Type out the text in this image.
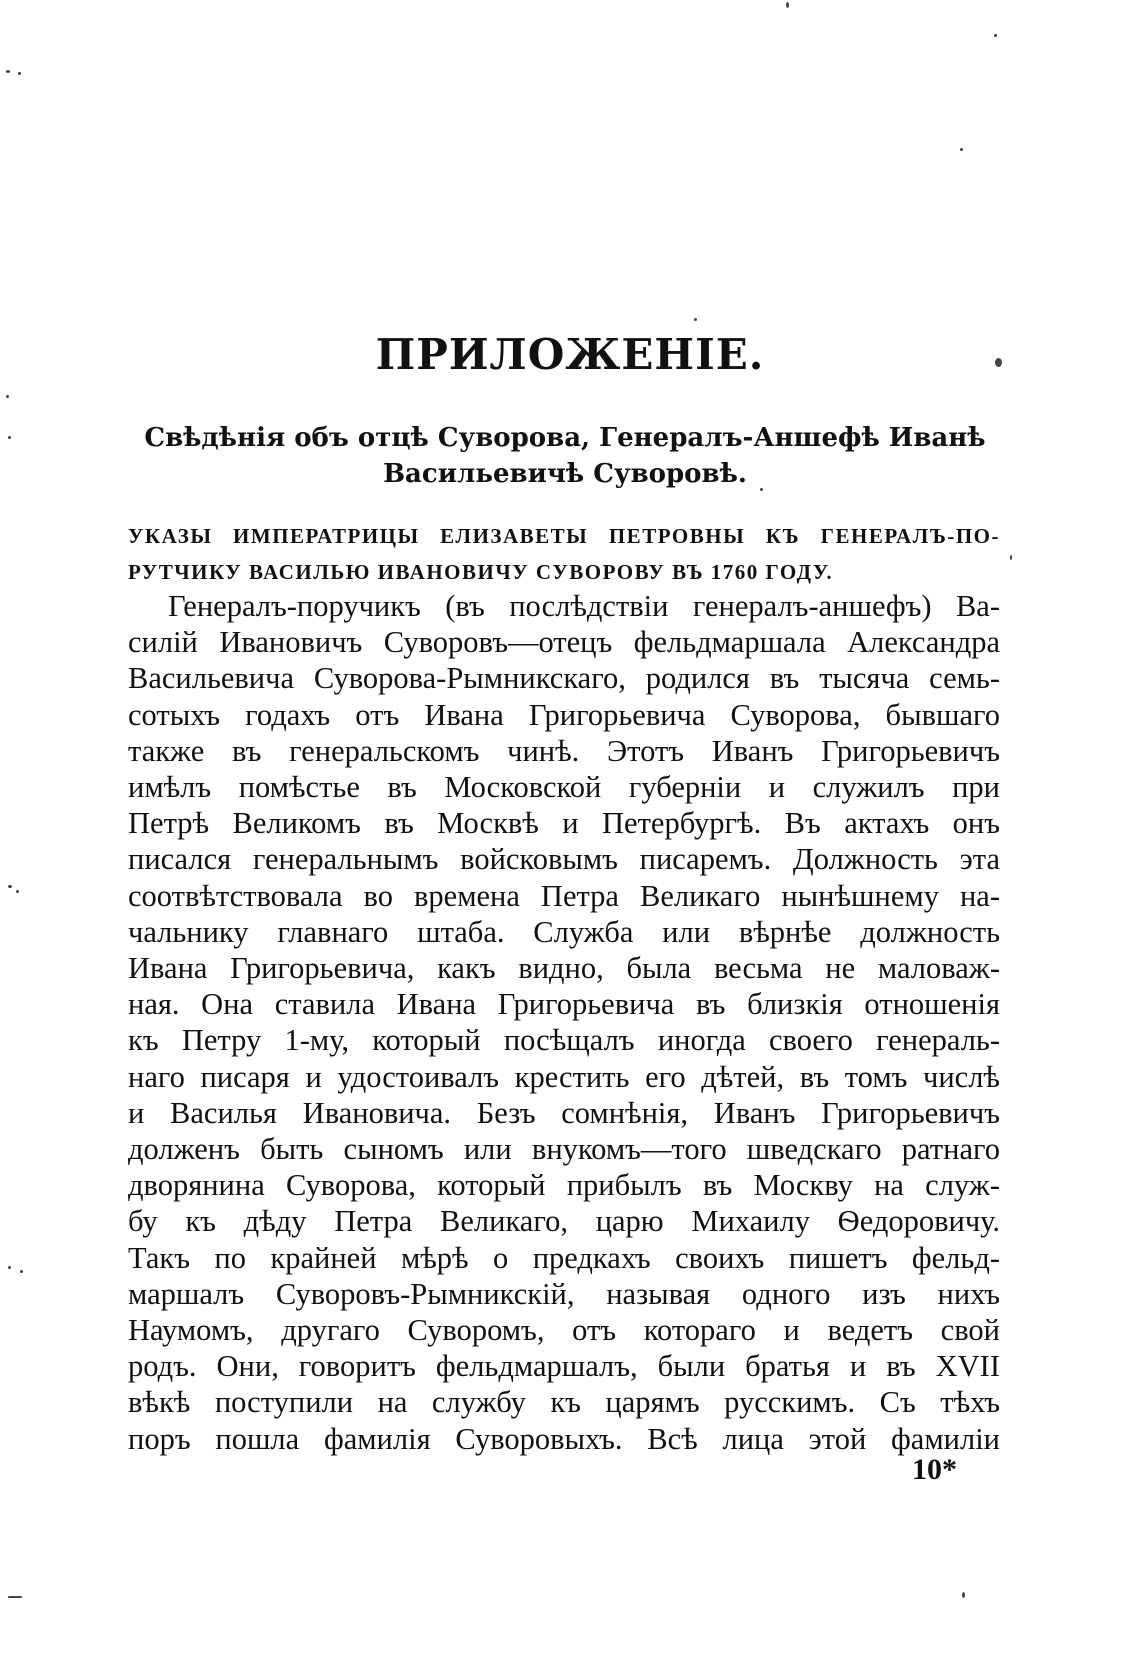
ПРИЛОЖЕНІЕ.
Свѣдѣнія объ отцѣ Суворова, Генералъ-Аншефѣ Иванѣ Васильевичѣ Суворовѣ.

УКАЗЫ ИМПЕРАТРИЦЫ ЕЛИЗАВЕТЫ ПЕТРОВНЫ КЪ ГЕНЕРАЛЪ-ПО-
РУТЧИКУ ВАСИЛЬЮ ИВАНОВИЧУ СУВОРОВУ ВЪ 1760 ГОДУ.

Генералъ-поручикъ (въ послѣдствіи генералъ-аншефъ) Ва-
силій Ивановичъ Суворовъ—отецъ фельдмаршала Александра
Васильевича Суворова-Рымникскаго, родился въ тысяча семь-
сотыхъ годахъ отъ Ивана Григорьевича Суворова, бывшаго
также въ генеральскомъ чинѣ. Этотъ Иванъ Григорьевичъ
имѣлъ помѣстье въ Московской губерніи и служилъ при
Петрѣ Великомъ въ Москвѣ и Петербургѣ. Въ актахъ онъ
писался генеральнымъ войсковымъ писаремъ. Должность эта
соотвѣтствовала во времена Петра Великаго нынѣшнему на-
чальнику главнаго штаба. Служба или вѣрнѣе должность
Ивана Григорьевича, какъ видно, была весьма не маловаж-
ная. Она ставила Ивана Григорьевича въ близкія отношенія
къ Петру 1-му, который посѣщалъ иногда своего генераль-
наго писаря и удостоивалъ крестить его дѣтей, въ томъ числѣ
и Василья Ивановича. Безъ сомнѣнія, Иванъ Григорьевичъ
долженъ быть сыномъ или внукомъ—того шведскаго ратнаго
дворянина Суворова, который прибылъ въ Москву на служ-
бу къ дѣду Петра Великаго, царю Михаилу Ѳедоровичу.
Такъ по крайней мѣрѣ о предкахъ своихъ пишетъ фельд-
маршалъ Суворовъ-Рымникскій, называя одного изъ нихъ
Наумомъ, другаго Суворомъ, отъ котораго и ведетъ свой
родъ. Они, говоритъ фельдмаршалъ, были братья и въ XVII
вѣкѣ поступили на службу къ царямъ русскимъ. Съ тѣхъ
поръ пошла фамилія Суворовыхъ. Всѣ лица этой фамиліи
10*
